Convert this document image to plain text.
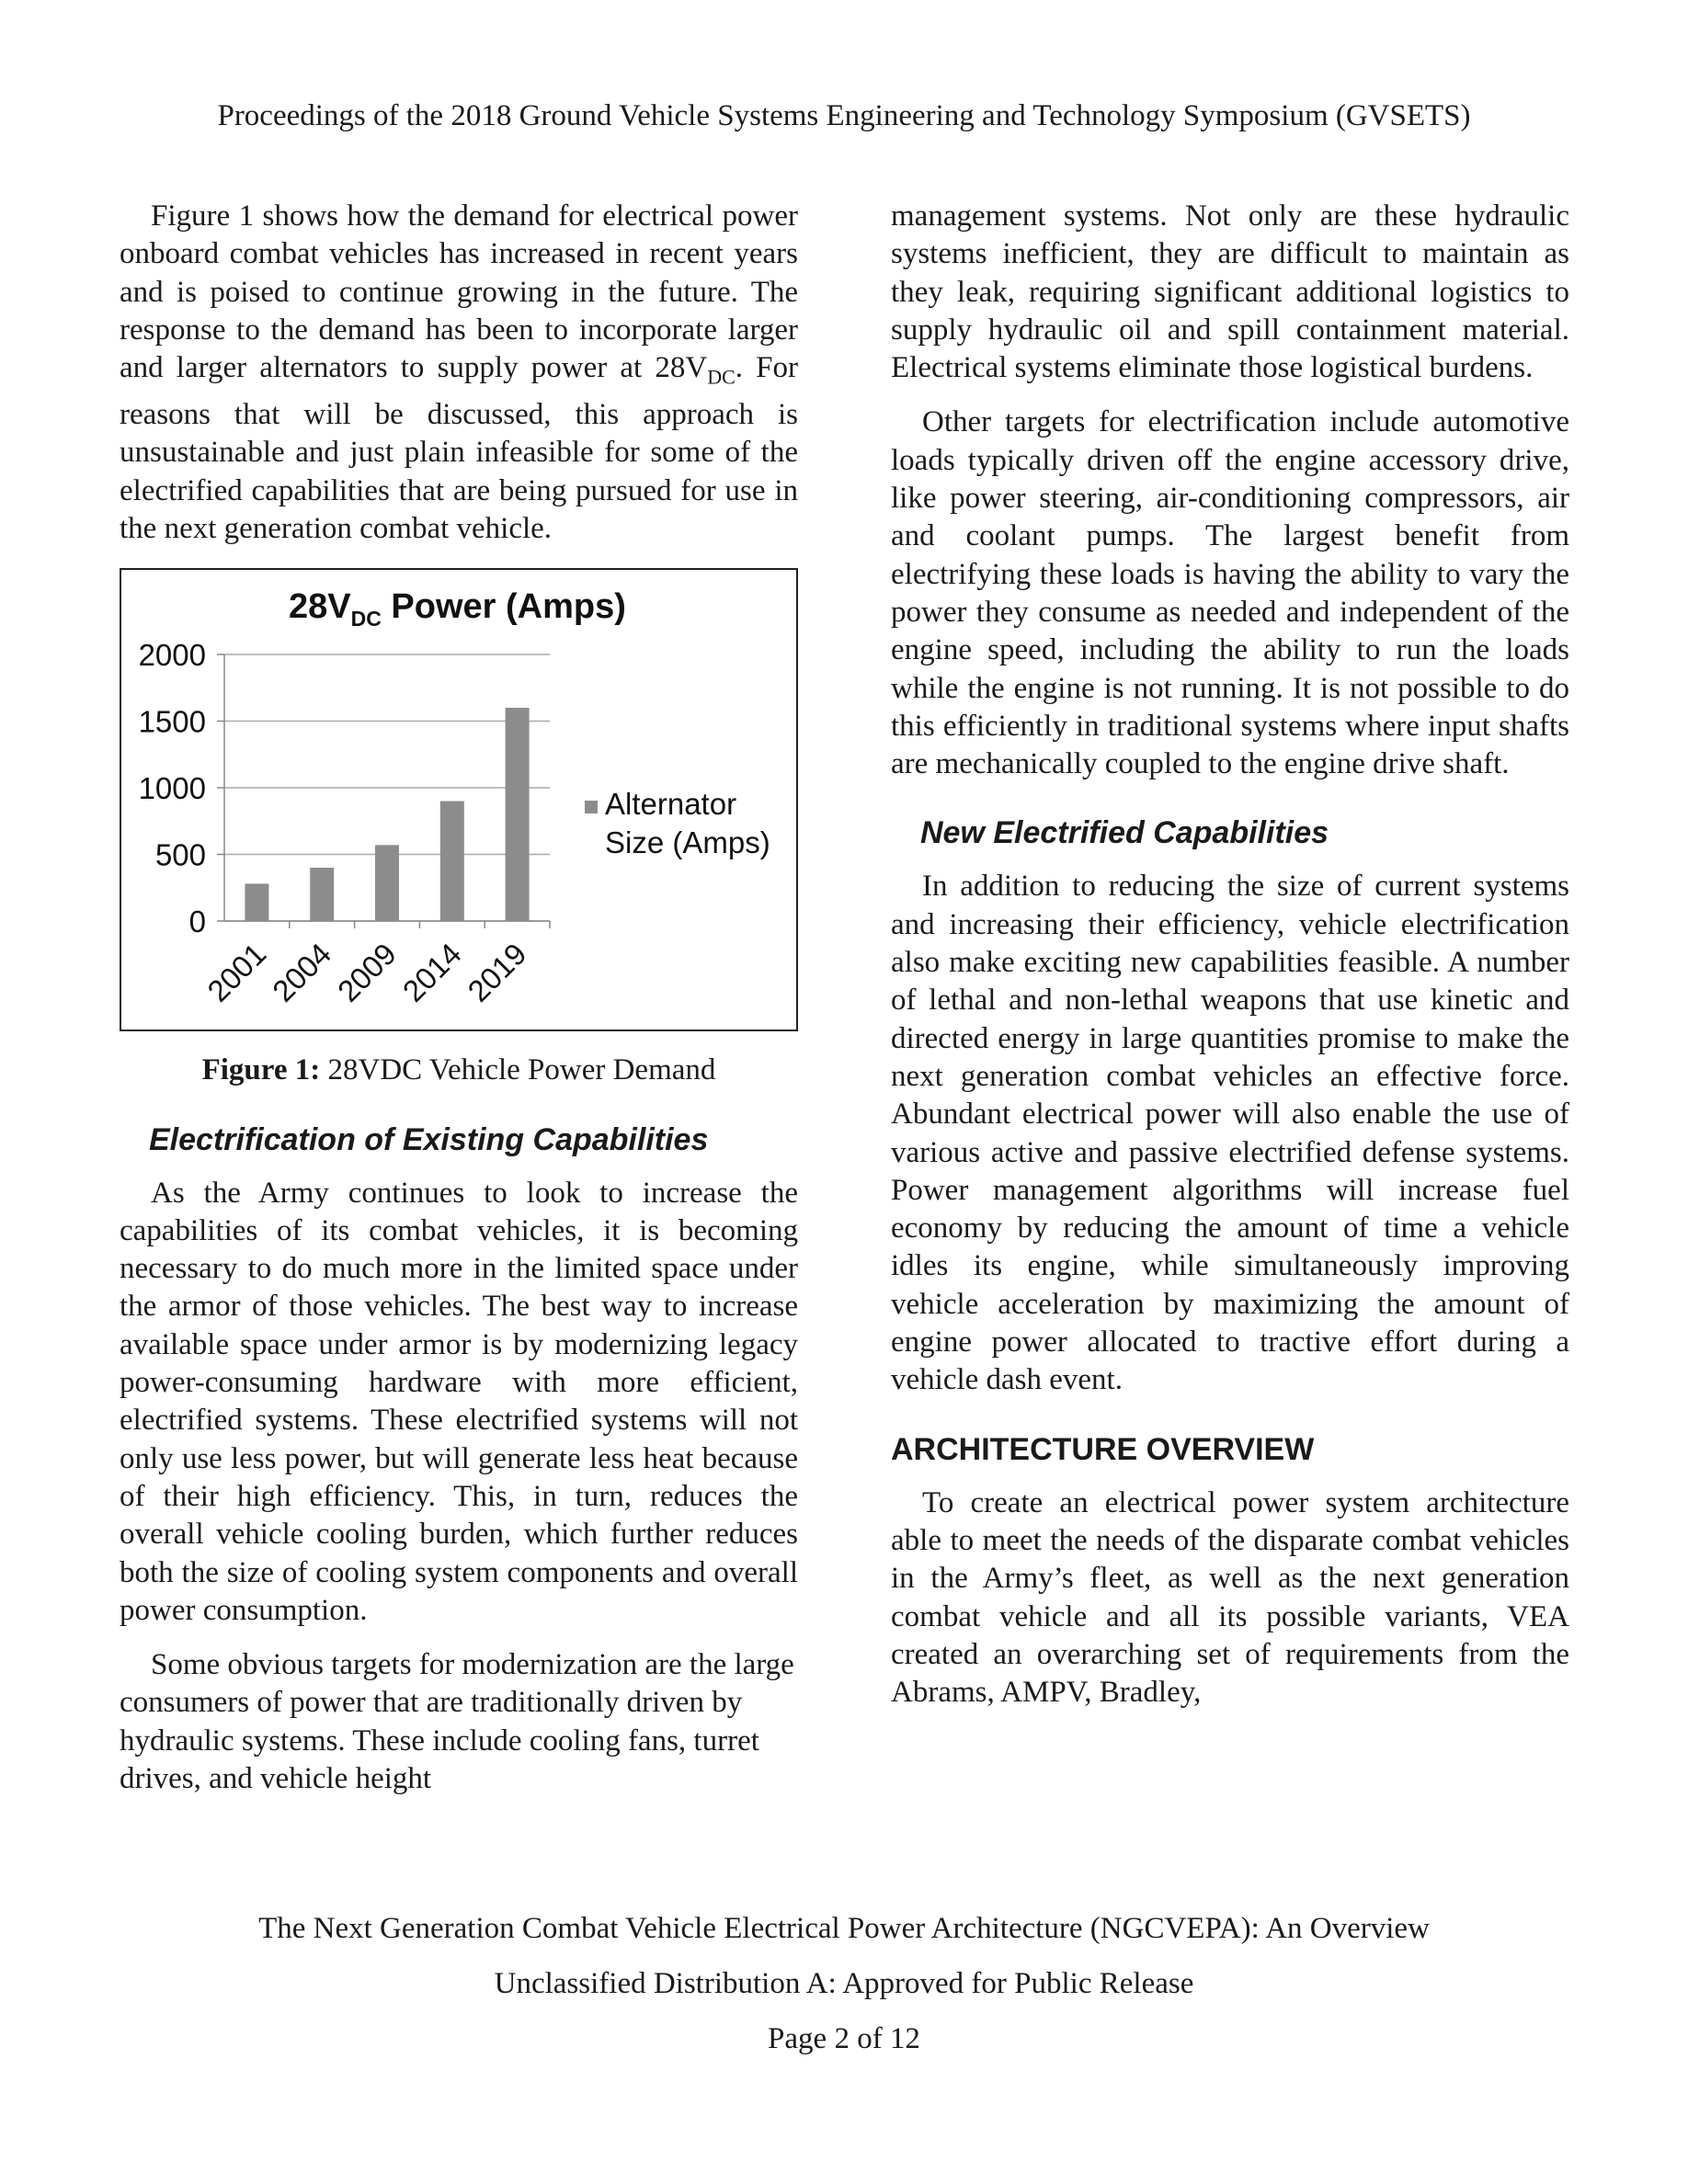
Proceedings of the 2018 Ground Vehicle Systems Engineering and Technology Symposium (GVSETS)

Figure 1 shows how the demand for electrical power onboard combat vehicles has increased in recent years and is poised to continue growing in the future. The response to the demand has been to incorporate larger and larger alternators to supply power at $28V_{DC}$. For reasons that will be discussed, this approach is unsustainable and just plain infeasible for some of the electrified capabilities that are being pursued for use in the next generation combat vehicle.

$28V_{DC}$ Power (Amps)
0
500
1000
1500
2000
2001
2004
2009
2014
2019
Alternator
Size (Amps)
Figure 1: 28VDC Vehicle Power Demand
Electrification of Existing Capabilities

As the Army continues to look to increase the capabilities of its combat vehicles, it is becoming necessary to do much more in the limited space under the armor of those vehicles. The best way to increase available space under armor is by modernizing legacy power-consuming hardware with more efficient, electrified systems. These electrified systems will not only use less power, but will generate less heat because of their high efficiency. This, in turn, reduces the overall vehicle cooling burden, which further reduces both the size of cooling system components and overall power consumption.

Some obvious targets for modernization are the large consumers of power that are traditionally driven by hydraulic systems. These include cooling fans, turret drives, and vehicle height

management systems. Not only are these hydraulic systems inefficient, they are difficult to maintain as they leak, requiring significant additional logistics to supply hydraulic oil and spill containment material. Electrical systems eliminate those logistical burdens.

Other targets for electrification include automotive loads typically driven off the engine accessory drive, like power steering, air-conditioning compressors, air and coolant pumps. The largest benefit from electrifying these loads is having the ability to vary the power they consume as needed and independent of the engine speed, including the ability to run the loads while the engine is not running. It is not possible to do this efficiently in traditional systems where input shafts are mechanically coupled to the engine drive shaft.

New Electrified Capabilities

In addition to reducing the size of current systems and increasing their efficiency, vehicle electrification also make exciting new capabilities feasible. A number of lethal and non-lethal weapons that use kinetic and directed energy in large quantities promise to make the next generation combat vehicles an effective force. Abundant electrical power will also enable the use of various active and passive electrified defense systems. Power management algorithms will increase fuel economy by reducing the amount of time a vehicle idles its engine, while simultaneously improving vehicle acceleration by maximizing the amount of engine power allocated to tractive effort during a vehicle dash event.

ARCHITECTURE OVERVIEW

To create an electrical power system architecture able to meet the needs of the disparate combat vehicles in the Army’s fleet, as well as the next generation combat vehicle and all its possible variants, VEA created an overarching set of requirements from the Abrams, AMPV, Bradley,

The Next Generation Combat Vehicle Electrical Power Architecture (NGCVEPA): An Overview
Unclassified Distribution A: Approved for Public Release
Page 2 of 12
